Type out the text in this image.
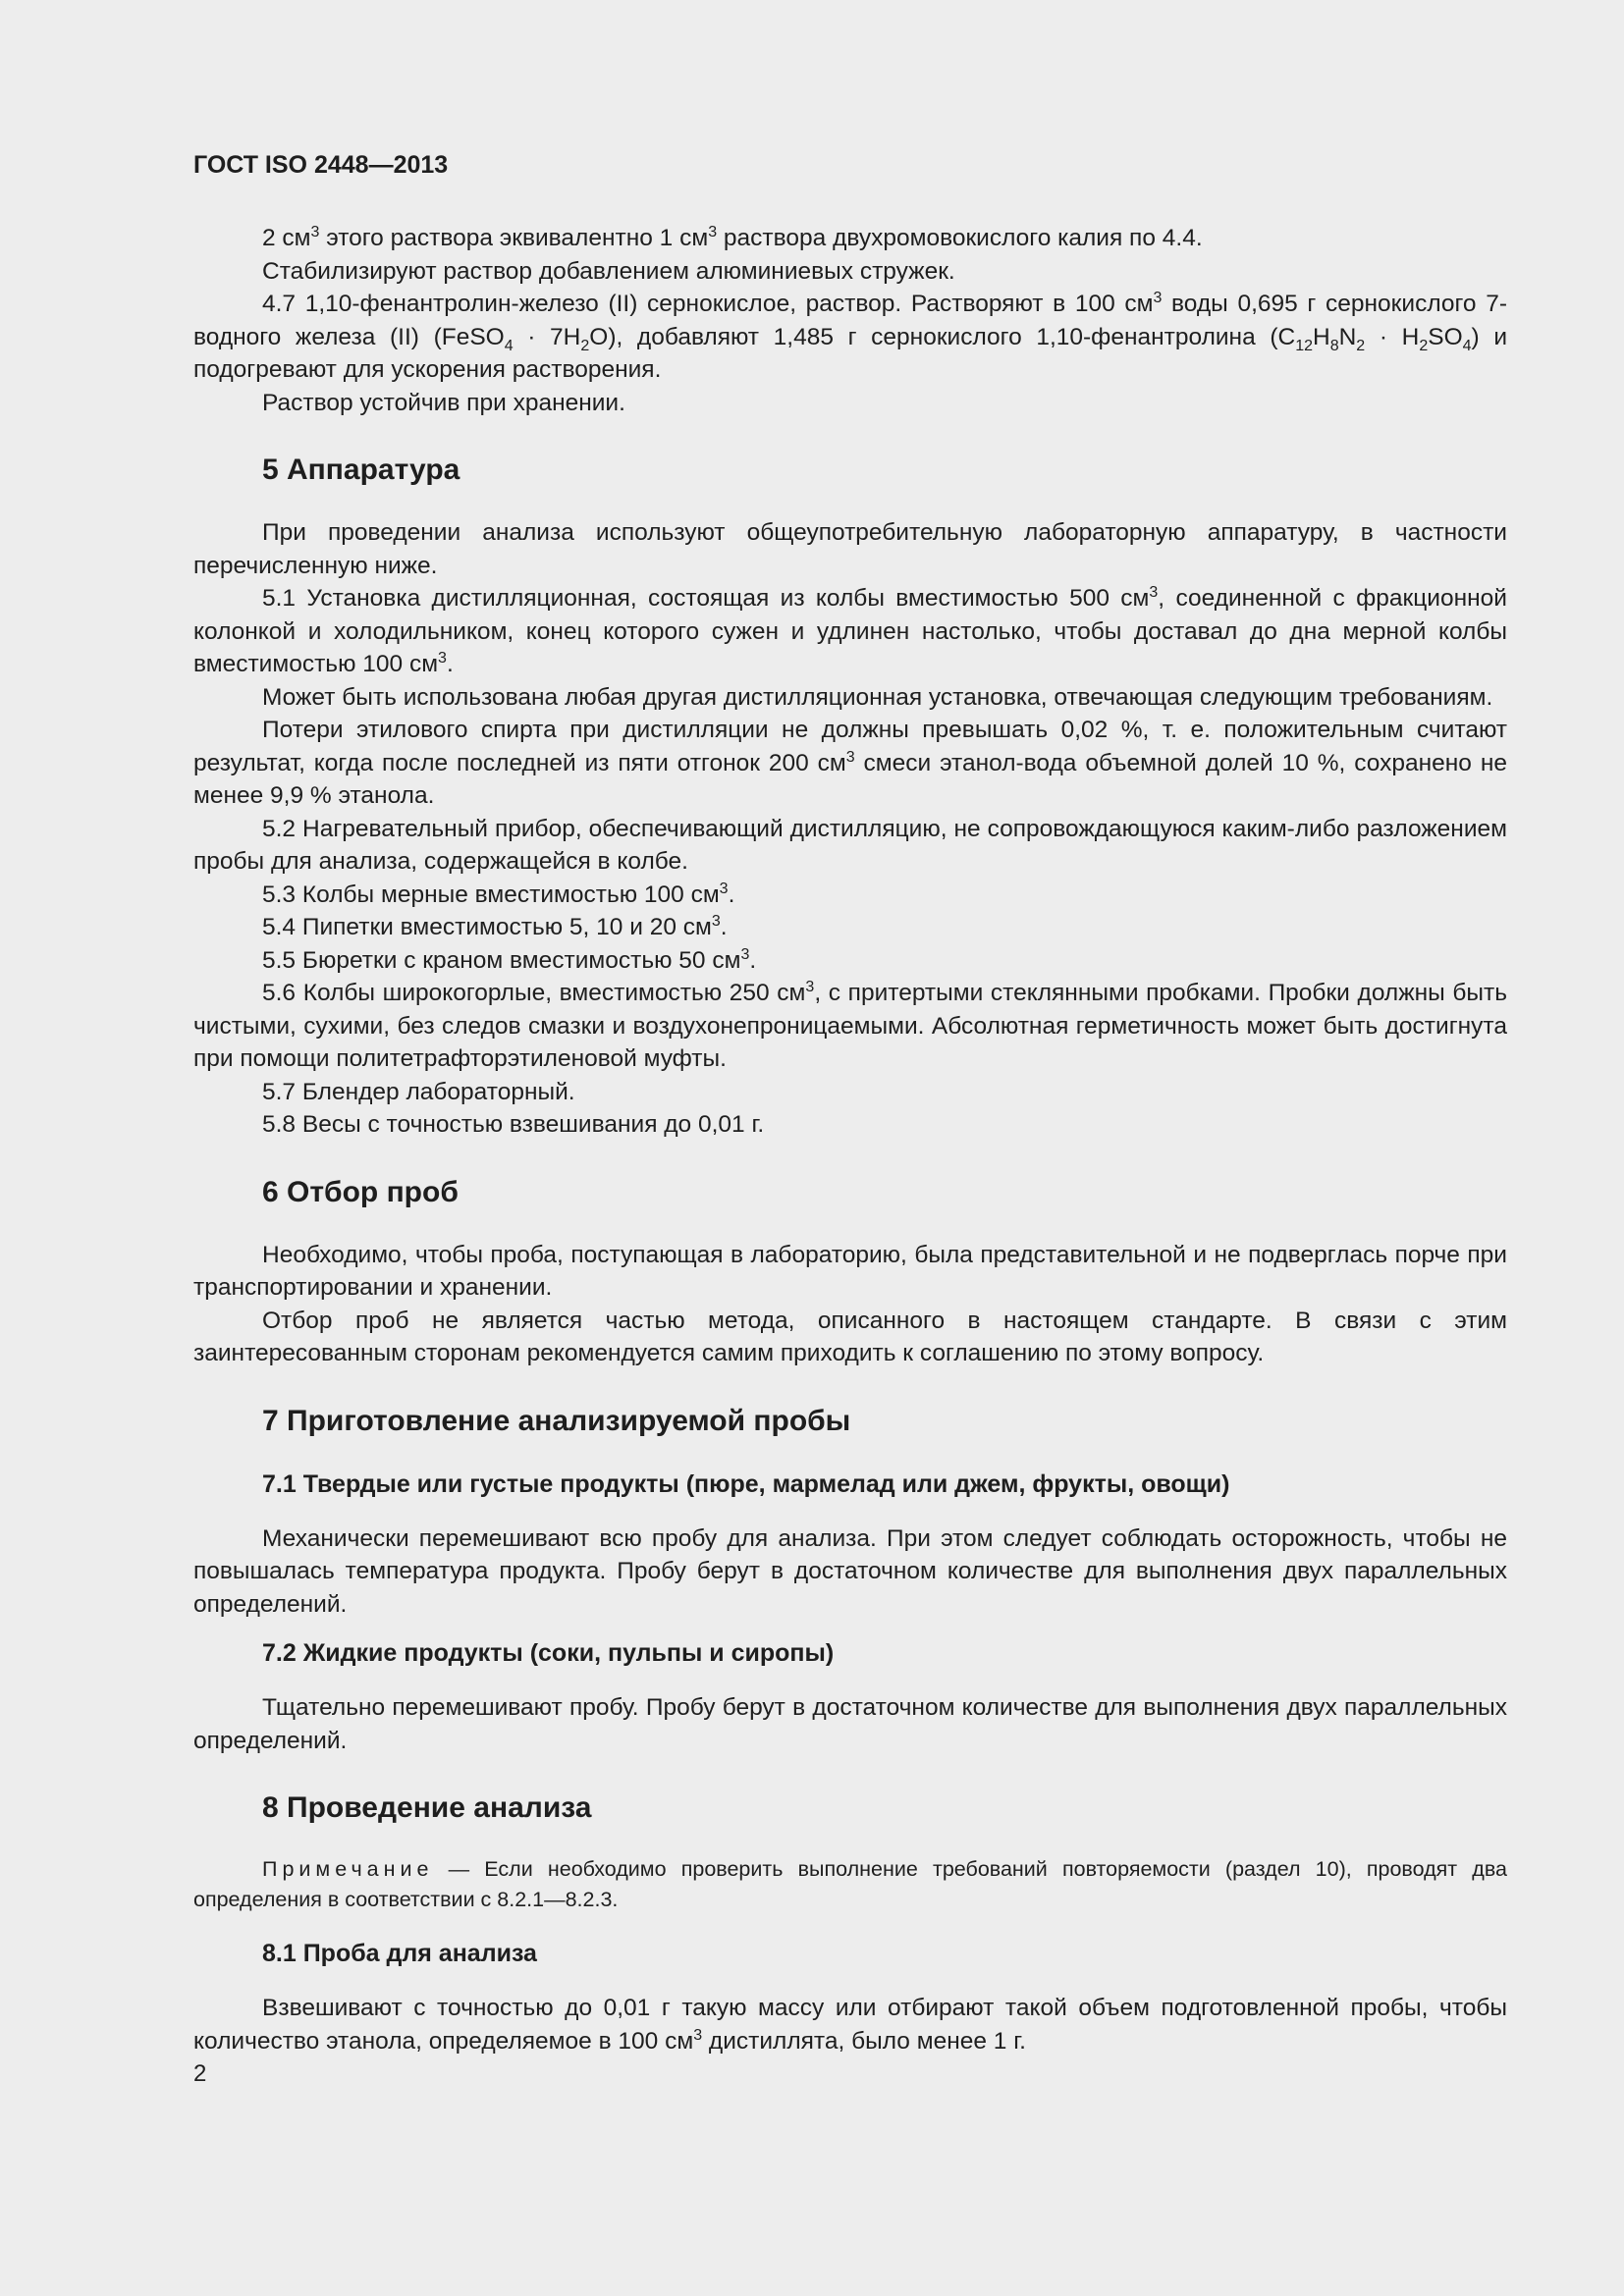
ГОСТ ISO 2448—2013

2 $см^3$ этого раствора эквивалентно 1 $см^3$ раствора двухромовокислого калия по 4.4.

Стабилизируют раствор добавлением алюминиевых стружек.

4.7 1,10-фенантролин-железо (II) сернокислое, раствор. Растворяют в 100 $см^3$ воды 0,695 г сернокислого 7-водного железа (II) (FeSO$_4$ · $7H_2O$), добавляют 1,485 г сернокислого 1,10-фенантролина $(C_{12}H_8N_2 \cdot H_2SO_4)$ и подогревают для ускорения растворения.

Раствор устойчив при хранении.

5 Аппаратура

При проведении анализа используют общеупотребительную лабораторную аппаратуру, в частности перечисленную ниже.

5.1 Установка дистилляционная, состоящая из колбы вместимостью 500 $см^3$, соединенной с фракционной колонкой и холодильником, конец которого сужен и удлинен настолько, чтобы доставал до дна мерной колбы вместимостью 100 $см^3$.

Может быть использована любая другая дистилляционная установка, отвечающая следующим требованиям.

Потери этилового спирта при дистилляции не должны превышать 0,02 %, т. е. положительным считают результат, когда после последней из пяти отгонок 200 $см^3$ смеси этанол-вода объемной долей 10 %, сохранено не менее 9,9 % этанола.

5.2 Нагревательный прибор, обеспечивающий дистилляцию, не сопровождающуюся каким-либо разложением пробы для анализа, содержащейся в колбе.

5.3 Колбы мерные вместимостью 100 $см^3$.

5.4 Пипетки вместимостью 5, 10 и 20 $см^3$.

5.5 Бюретки с краном вместимостью 50 $см^3$.

5.6 Колбы широкогорлые, вместимостью 250 $см^3$, с притертыми стеклянными пробками. Пробки должны быть чистыми, сухими, без следов смазки и воздухонепроницаемыми. Абсолютная герметичность может быть достигнута при помощи политетрафторэтиленовой муфты.

5.7 Блендер лабораторный.

5.8 Весы с точностью взвешивания до 0,01 г.

6 Отбор проб

Необходимо, чтобы проба, поступающая в лабораторию, была представительной и не подверглась порче при транспортировании и хранении.

Отбор проб не является частью метода, описанного в настоящем стандарте. В связи с этим заинтересованным сторонам рекомендуется самим приходить к соглашению по этому вопросу.

7 Приготовление анализируемой пробы
7.1 Твердые или густые продукты (пюре, мармелад или джем, фрукты, овощи)

Механически перемешивают всю пробу для анализа. При этом следует соблюдать осторожность, чтобы не повышалась температура продукта. Пробу берут в достаточном количестве для выполнения двух параллельных определений.

7.2 Жидкие продукты (соки, пульпы и сиропы)

Тщательно перемешивают пробу. Пробу берут в достаточном количестве для выполнения двух параллельных определений.

8 Проведение анализа

Примечание — Если необходимо проверить выполнение требований повторяемости (раздел 10), проводят два определения в соответствии с 8.2.1—8.2.3.

8.1 Проба для анализа

Взвешивают с точностью до 0,01 г такую массу или отбирают такой объем подготовленной пробы, чтобы количество этанола, определяемое в 100 $см^3$ дистиллята, было менее 1 г.

2
